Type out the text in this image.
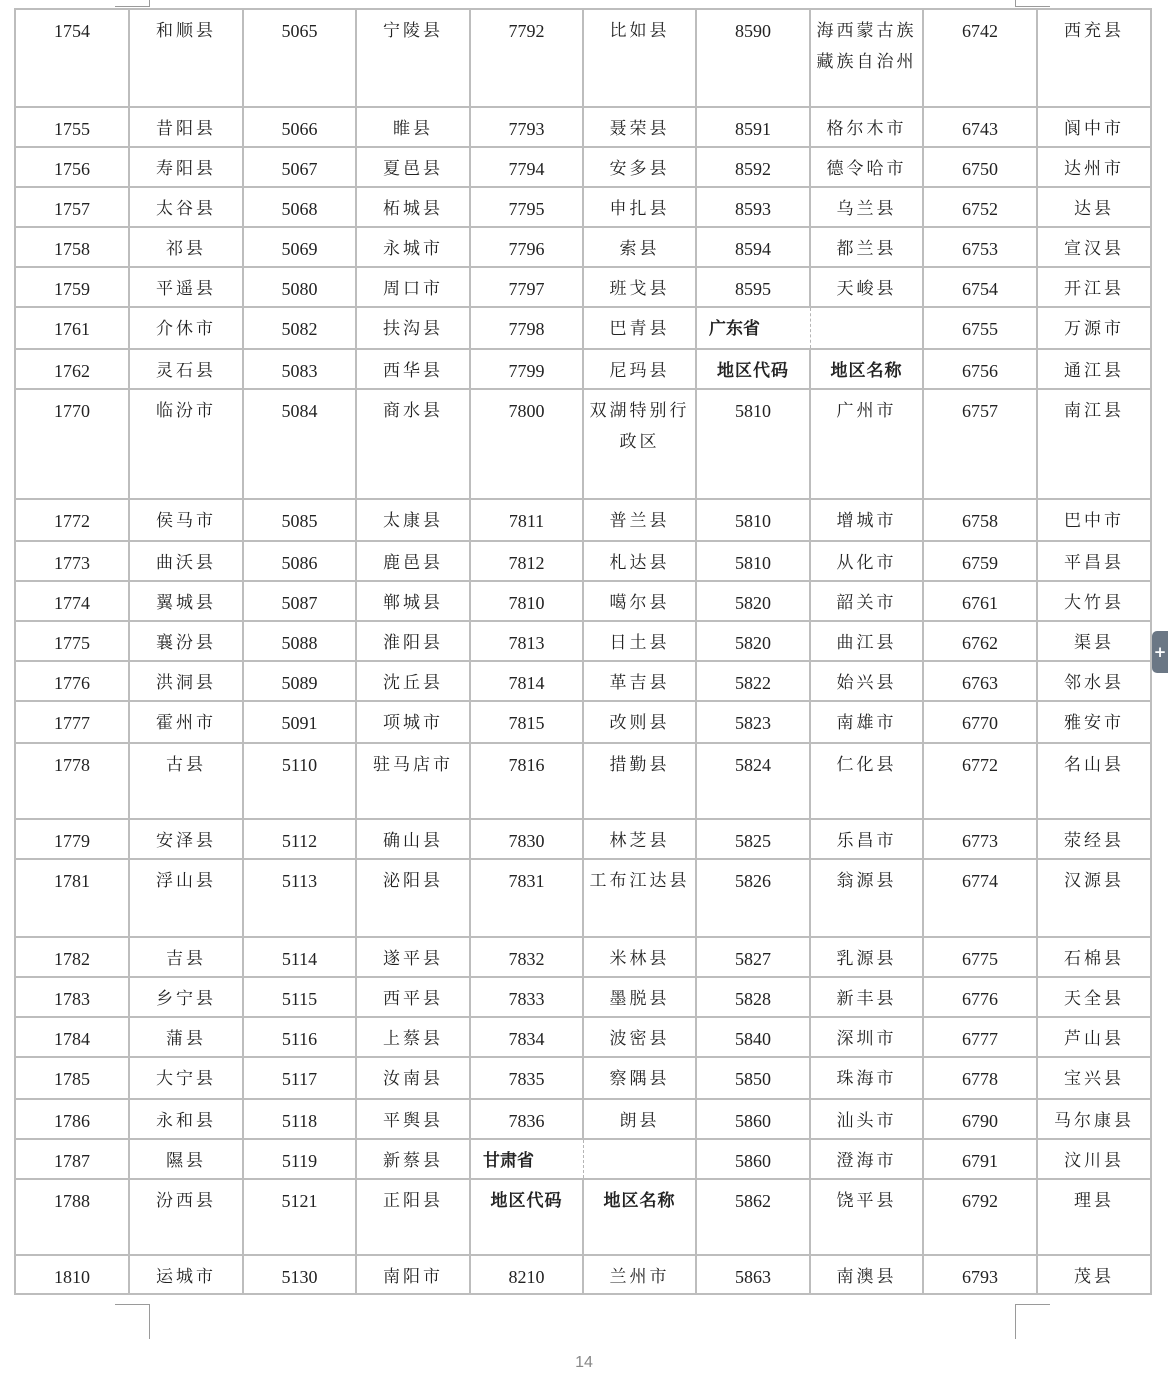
1754	和顺县	5065	宁陵县	7792	比如县	8590	海西蒙古族藏族自治州	6742	西充县
1755	昔阳县	5066	睢县	7793	聂荣县	8591	格尔木市	6743	阆中市
1756	寿阳县	5067	夏邑县	7794	安多县	8592	德令哈市	6750	达州市
1757	太谷县	5068	柘城县	7795	申扎县	8593	乌兰县	6752	达县
1758	祁县	5069	永城市	7796	索县	8594	都兰县	6753	宣汉县
1759	平遥县	5080	周口市	7797	班戈县	8595	天峻县	6754	开江县
1761	介休市	5082	扶沟县	7798	巴青县	广东省		6755	万源市
1762	灵石县	5083	西华县	7799	尼玛县	地区代码	地区名称	6756	通江县
1770	临汾市	5084	商水县	7800	双湖特别行政区	5810	广州市	6757	南江县
1772	侯马市	5085	太康县	7811	普兰县	5810	增城市	6758	巴中市
1773	曲沃县	5086	鹿邑县	7812	札达县	5810	从化市	6759	平昌县
1774	翼城县	5087	郸城县	7810	噶尔县	5820	韶关市	6761	大竹县
1775	襄汾县	5088	淮阳县	7813	日土县	5820	曲江县	6762	渠县
1776	洪洞县	5089	沈丘县	7814	革吉县	5822	始兴县	6763	邻水县
1777	霍州市	5091	项城市	7815	改则县	5823	南雄市	6770	雅安市
1778	古县	5110	驻马店市	7816	措勤县	5824	仁化县	6772	名山县
1779	安泽县	5112	确山县	7830	林芝县	5825	乐昌市	6773	荥经县
1781	浮山县	5113	泌阳县	7831	工布江达县	5826	翁源县	6774	汉源县
1782	吉县	5114	遂平县	7832	米林县	5827	乳源县	6775	石棉县
1783	乡宁县	5115	西平县	7833	墨脱县	5828	新丰县	6776	天全县
1784	蒲县	5116	上蔡县	7834	波密县	5840	深圳市	6777	芦山县
1785	大宁县	5117	汝南县	7835	察隅县	5850	珠海市	6778	宝兴县
1786	永和县	5118	平舆县	7836	朗县	5860	汕头市	6790	马尔康县
1787	隰县	5119	新蔡县	甘肃省		5860	澄海市	6791	汶川县
1788	汾西县	5121	正阳县	地区代码	地区名称	5862	饶平县	6792	理县
1810	运城市	5130	南阳市	8210	兰州市	5863	南澳县	6793	茂县
14
+
